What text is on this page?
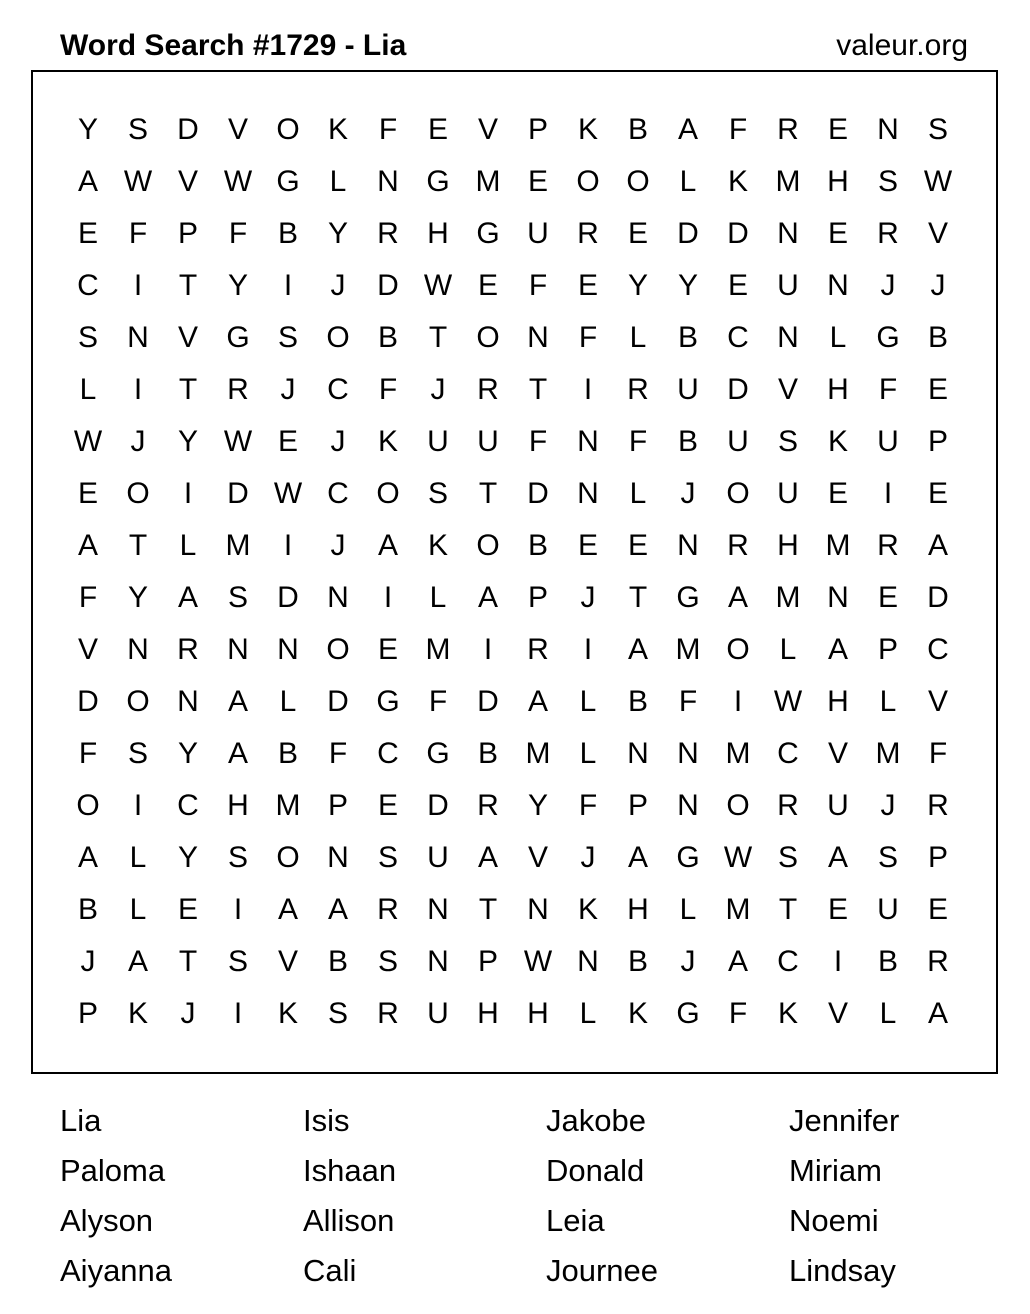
Word Search #1729 - Lia	valeur.org
Y S D V O K	F	E V P K B A	F	R E N S
A W V W G L	N G M E O O L	K M H S W
E	F	P	F	B Y R H G U R E D D N E R V
C	I	T	Y	I	J	D W E	F	E Y Y E U N	J	J
S N V G S O B	T O N	F	L	B C N	L G B
L	I	T	R	J	C	F	J	R	T	I	R U D V H	F	E
W J	Y W E	J	K U U	F	N	F	B U S K U P
E O	I	D W C O S	T	D N	L	J	O U E	I	E
A	T	L M	I	J	A K O B E E N R H M R A
F	Y A S D N	I	L	A P	J	T G A M N E D
V N R N N O E M	I	R	I	A M O L	A P C
D O N A	L	D G F	D A	L	B	F	I	W H	L	V
F	S Y A B	F	C G B M L	N N M C V M F
O	I	C H M P E D R Y	F	P N O R U	J	R
A	L	Y S O N S U A V	J	A G W S A S P
B	L	E	I	A A R N	T	N K H	L M T	E U E
J	A	T	S V B S N P W N B	J	A C	I	B R
P K	J	I	K S R U H H	L	K G F	K V	L	A
Lia	Isis	Jakobe	Jennifer
Paloma	Ishaan	Donald	Miriam
Alyson	Allison	Leia	Noemi
Aiyanna	Cali	Journee	Lindsay
